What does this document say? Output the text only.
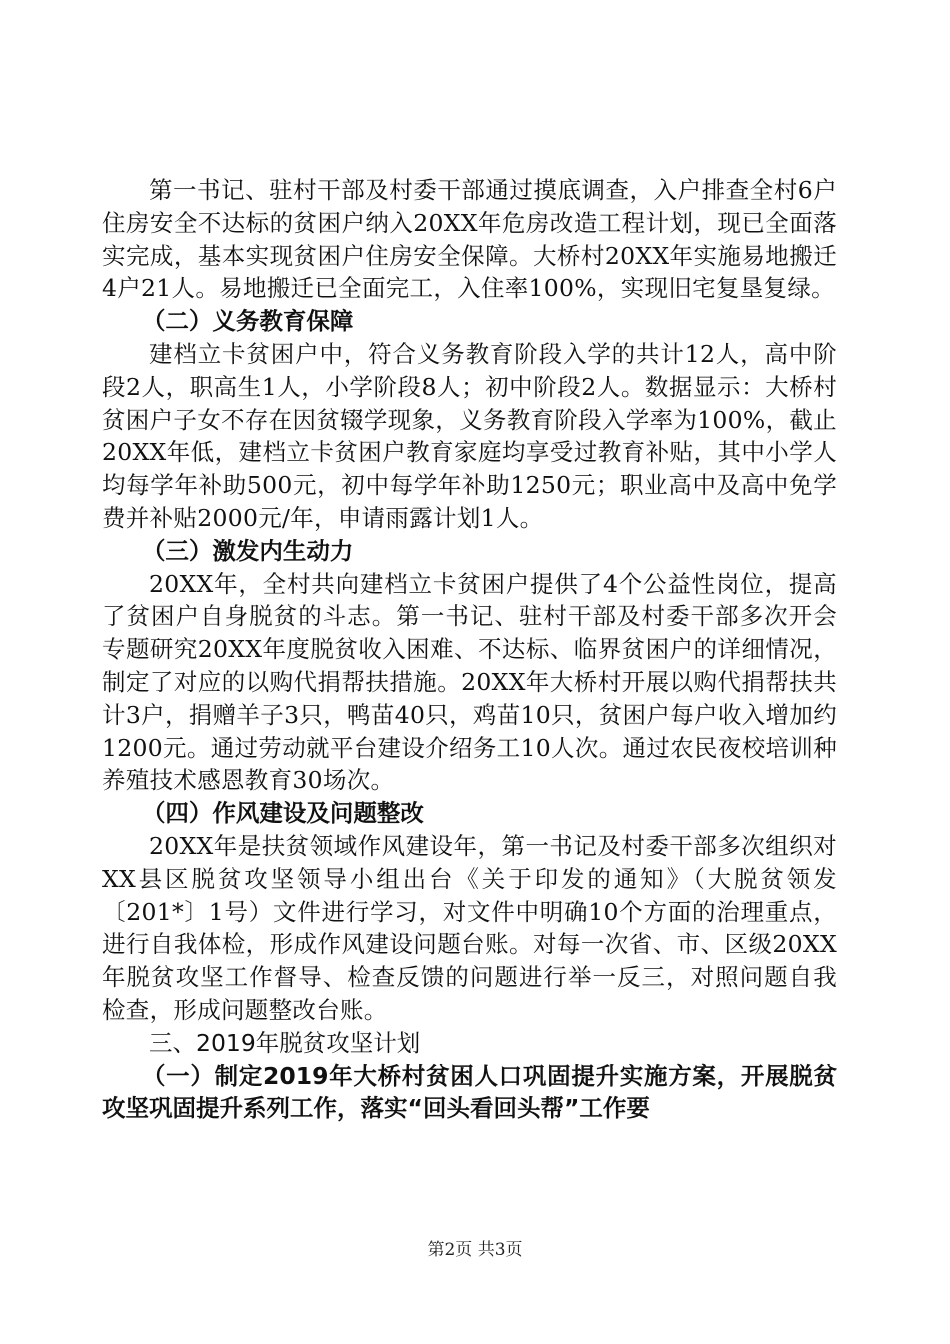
第一书记、驻村干部及村委干部通过摸底调查，入户排查全村6户住房安全不达标的贫困户纳入20XX年危房改造工程计划，现已全面落实完成，基本实现贫困户住房安全保障。大桥村20XX年实施易地搬迁4户21人。易地搬迁已全面完工，入住率100%，实现旧宅复垦复绿。

（二）义务教育保障

建档立卡贫困户中，符合义务教育阶段入学的共计12人，高中阶段2人，职高生1人，小学阶段8人；初中阶段2人。数据显示：大桥村贫困户子女不存在因贫辍学现象，义务教育阶段入学率为100%，截止20XX年低，建档立卡贫困户教育家庭均享受过教育补贴，其中小学人均每学年补助500元，初中每学年补助1250元；职业高中及高中免学费并补贴2000元/年，申请雨露计划1人。

（三）激发内生动力

20XX年，全村共向建档立卡贫困户提供了4个公益性岗位，提高了贫困户自身脱贫的斗志。第一书记、驻村干部及村委干部多次开会专题研究20XX年度脱贫收入困难、不达标、临界贫困户的详细情况，制定了对应的以购代捐帮扶措施。20XX年大桥村开展以购代捐帮扶共计3户，捐赠羊子3只，鸭苗40只，鸡苗10只，贫困户每户收入增加约1200元。通过劳动就平台建设介绍务工10人次。通过农民夜校培训种养殖技术感恩教育30场次。

（四）作风建设及问题整改

20XX年是扶贫领域作风建设年，第一书记及村委干部多次组织对XX县区脱贫攻坚领导小组出台《关于印发的通知》（大脱贫领发〔201*〕1号）文件进行学习，对文件中明确10个方面的治理重点，进行自我体检，形成作风建设问题台账。对每一次省、市、区级20XX年脱贫攻坚工作督导、检查反馈的问题进行举一反三，对照问题自我检查，形成问题整改台账。

三、2019年脱贫攻坚计划

（一）制定2019年大桥村贫困人口巩固提升实施方案，开展脱贫攻坚巩固提升系列工作，落实“回头看回头帮”工作要

第2页 共3页
